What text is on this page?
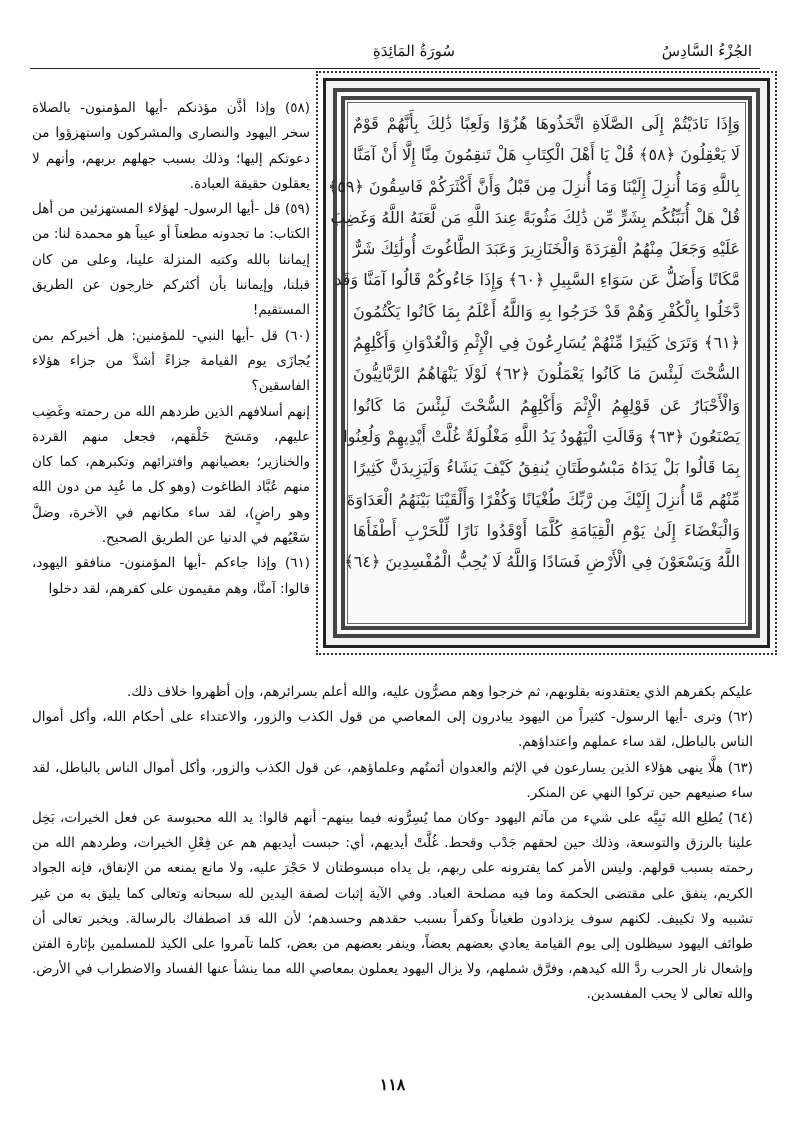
الجُزْءُ السَّادِسُ
سُورَةُ المَائِدَةِ
وَإِذَا نَادَيْتُمْ إِلَى الصَّلَاةِ اتَّخَذُوهَا هُزُوًا وَلَعِبًا ذَٰلِكَ بِأَنَّهُمْ قَوْمٌ
لَا يَعْقِلُونَ ﴿٥٨﴾ قُلْ يَا أَهْلَ الْكِتَابِ هَلْ تَنقِمُونَ مِنَّا إِلَّا أَنْ آمَنَّا
بِاللَّهِ وَمَا أُنزِلَ إِلَيْنَا وَمَا أُنزِلَ مِن قَبْلُ وَأَنَّ أَكْثَرَكُمْ فَاسِقُونَ ﴿٥٩﴾
قُلْ هَلْ أُنَبِّئُكُم بِشَرٍّ مِّن ذَٰلِكَ مَثُوبَةً عِندَ اللَّهِ مَن لَّعَنَهُ اللَّهُ وَغَضِبَ
عَلَيْهِ وَجَعَلَ مِنْهُمُ الْقِرَدَةَ وَالْخَنَازِيرَ وَعَبَدَ الطَّاغُوتَ أُولَٰئِكَ شَرٌّ
مَّكَانًا وَأَضَلُّ عَن سَوَاءِ السَّبِيلِ ﴿٦٠﴾ وَإِذَا جَاءُوكُمْ قَالُوا آمَنَّا وَقَد
دَّخَلُوا بِالْكُفْرِ وَهُمْ قَدْ خَرَجُوا بِهِ وَاللَّهُ أَعْلَمُ بِمَا كَانُوا يَكْتُمُونَ
﴿٦١﴾ وَتَرَىٰ كَثِيرًا مِّنْهُمْ يُسَارِعُونَ فِي الْإِثْمِ وَالْعُدْوَانِ وَأَكْلِهِمُ
السُّحْتَ لَبِئْسَ مَا كَانُوا يَعْمَلُونَ ﴿٦٢﴾ لَوْلَا يَنْهَاهُمُ الرَّبَّانِيُّونَ
وَالْأَحْبَارُ عَن قَوْلِهِمُ الْإِثْمَ وَأَكْلِهِمُ السُّحْتَ لَبِئْسَ مَا كَانُوا
يَصْنَعُونَ ﴿٦٣﴾ وَقَالَتِ الْيَهُودُ يَدُ اللَّهِ مَغْلُولَةٌ غُلَّتْ أَيْدِيهِمْ وَلُعِنُوا
بِمَا قَالُوا بَلْ يَدَاهُ مَبْسُوطَتَانِ يُنفِقُ كَيْفَ يَشَاءُ وَلَيَزِيدَنَّ كَثِيرًا
مِّنْهُم مَّا أُنزِلَ إِلَيْكَ مِن رَّبِّكَ طُغْيَانًا وَكُفْرًا وَأَلْقَيْنَا بَيْنَهُمُ الْعَدَاوَةَ
وَالْبَغْضَاءَ إِلَىٰ يَوْمِ الْقِيَامَةِ كُلَّمَا أَوْقَدُوا نَارًا لِّلْحَرْبِ أَطْفَأَهَا
اللَّهُ وَيَسْعَوْنَ فِي الْأَرْضِ فَسَادًا وَاللَّهُ لَا يُحِبُّ الْمُفْسِدِينَ ﴿٦٤﴾

(٥٨) وإذا أذَّن مؤذنكم -أيها المؤمنون- بالصلاة سخر اليهود والنصارى والمشركون واستهزؤوا من دعوتكم إليها؛ وذلك بسبب جهلهم بربهم، وأنهم لا يعقلون حقيقة العبادة.

(٥٩) قل -أيها الرسول- لهؤلاء المستهزئين من أهل الكتاب: ما تجدونه مطعناً أو عيباً هو محمدة لنا: من إيماننا بالله وكتبه المنزلة علينا، وعلى من كان قبلنا، وإيماننا بأن أكثركم خارجون عن الطريق المستقيم!

(٦٠) قل -أيها النبي- للمؤمنين: هل أخبركم بمن يُجازَى يوم القيامة جزاءً أشدَّ من جزاء هؤلاء الفاسقين؟

إنهم أسلافهم الذين طردهم الله من رحمته وغَضِب عليهم، ومَسَخ خَلْقهم، فجعل منهم القردة والخنازير؛ بعصيانهم وافترائهم وتكبرهم، كما كان منهم عُبَّاد الطاغوت (وهو كل ما عُبِد من دون الله وهو راضٍ)، لقد ساء مكانهم في الآخرة، وضلَّ سَعْيُهم في الدنيا عن الطريق الصحيح.

(٦١) وإذا جاءكم -أيها المؤمنون- منافقو اليهود، قالوا: آمنَّا، وهم مقيمون على كفرهم، لقد دخلوا

عليكم بكفرهم الذي يعتقدونه بقلوبهم، ثم خرجوا وهم مصرُّون عليه، والله أعلم بسرائرهم، وإن أظهروا خلاف ذلك.

(٦٢) وترى -أيها الرسول- كثيراً من اليهود يبادرون إلى المعاصي من قول الكذب والزور، والاعتداء على أحكام الله، وأكل أموال الناس بالباطل، لقد ساء عملهم واعتداؤهم.

(٦٣) هلَّا ينهى هؤلاء الذين يسارعون في الإثم والعدوان أئمتُهم وعلماؤهم، عن قول الكذب والزور، وأكل أموال الناس بالباطل، لقد ساء صنيعهم حين تركوا النهي عن المنكر.

(٦٤) يُطلِع الله نَبِيَّه على شيء من مآثم اليهود -وكان مما يُسِرُّونه فيما بينهم- أنهم قالوا: يد الله محبوسة عن فعل الخيرات، بَخِل علينا بالرزق والتوسعة، وذلك حين لحقهم جَدْب وقحط. غُلَّتْ أيديهم، أي: حبست أيديهم هم عن فِعْلِ الخيرات، وطردهم الله من رحمته بسبب قولهم. وليس الأمر كما يفترونه على ربهم، بل يداه مبسوطتان لا حَجْرَ عليه، ولا مانع يمنعه من الإنفاق، فإنه الجواد الكريم، ينفق على مقتضى الحكمة وما فيه مصلحة العباد. وفي الآية إثبات لصفة اليدين لله سبحانه وتعالى كما يليق به من غير تشبيه ولا تكييف. لكنهم سوف يزدادون طغياناً وكفراً بسبب حقدهم وحسدهم؛ لأن الله قد اصطفاك بالرسالة. ويخبر تعالى أن طوائف اليهود سيظلون إلى يوم القيامة يعادي بعضهم بعضاً، وينفر بعضهم من بعض، كلما تآمروا على الكيد للمسلمين بإثارة الفتن وإشعال نار الحرب ردَّ الله كيدهم، وفرَّق شملهم، ولا يزال اليهود يعملون بمعاصي الله مما ينشأ عنها الفساد والاضطراب في الأرض. والله تعالى لا يحب المفسدين.

١١٨
